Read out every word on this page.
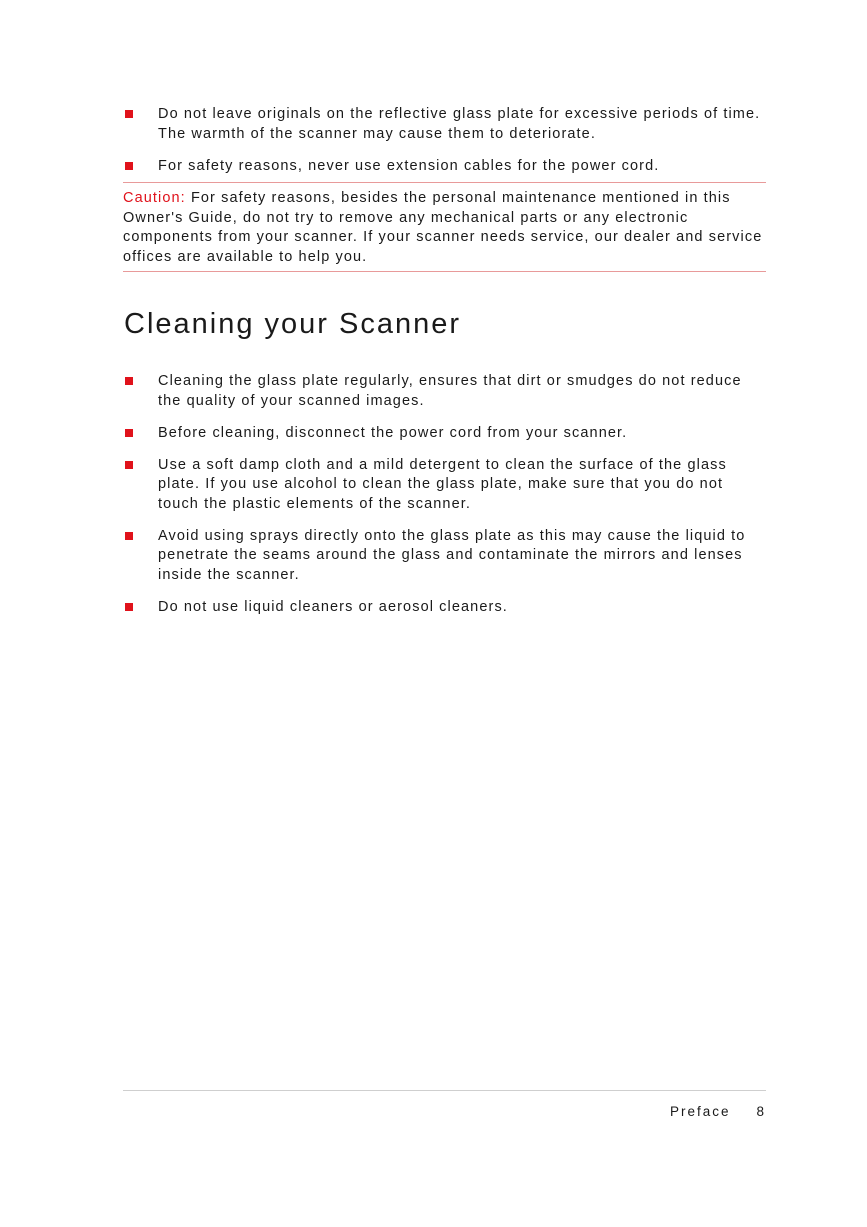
Do not leave originals on the reflective glass plate for excessive periods of time. The warmth of the scanner may cause them to deteriorate.
For safety reasons, never use extension cables for the power cord.
Caution: For safety reasons, besides the personal maintenance mentioned in this Owner's Guide, do not try to remove any mechanical parts or any electronic components from your scanner. If your scanner needs service, our dealer and service offices are available to help you.
Cleaning your Scanner
Cleaning the glass plate regularly, ensures that dirt or smudges do not reduce the quality of your scanned images.
Before cleaning, disconnect the power cord from your scanner.
Use a soft damp cloth and a mild detergent to clean the surface of the glass plate. If you use alcohol to clean the glass plate, make sure that you do not touch the plastic elements of the scanner.
Avoid using sprays directly onto the glass plate as this may cause the liquid to penetrate the seams around the glass and contaminate the mirrors and lenses inside the scanner.
Do not use liquid cleaners or aerosol cleaners.
Preface 8
